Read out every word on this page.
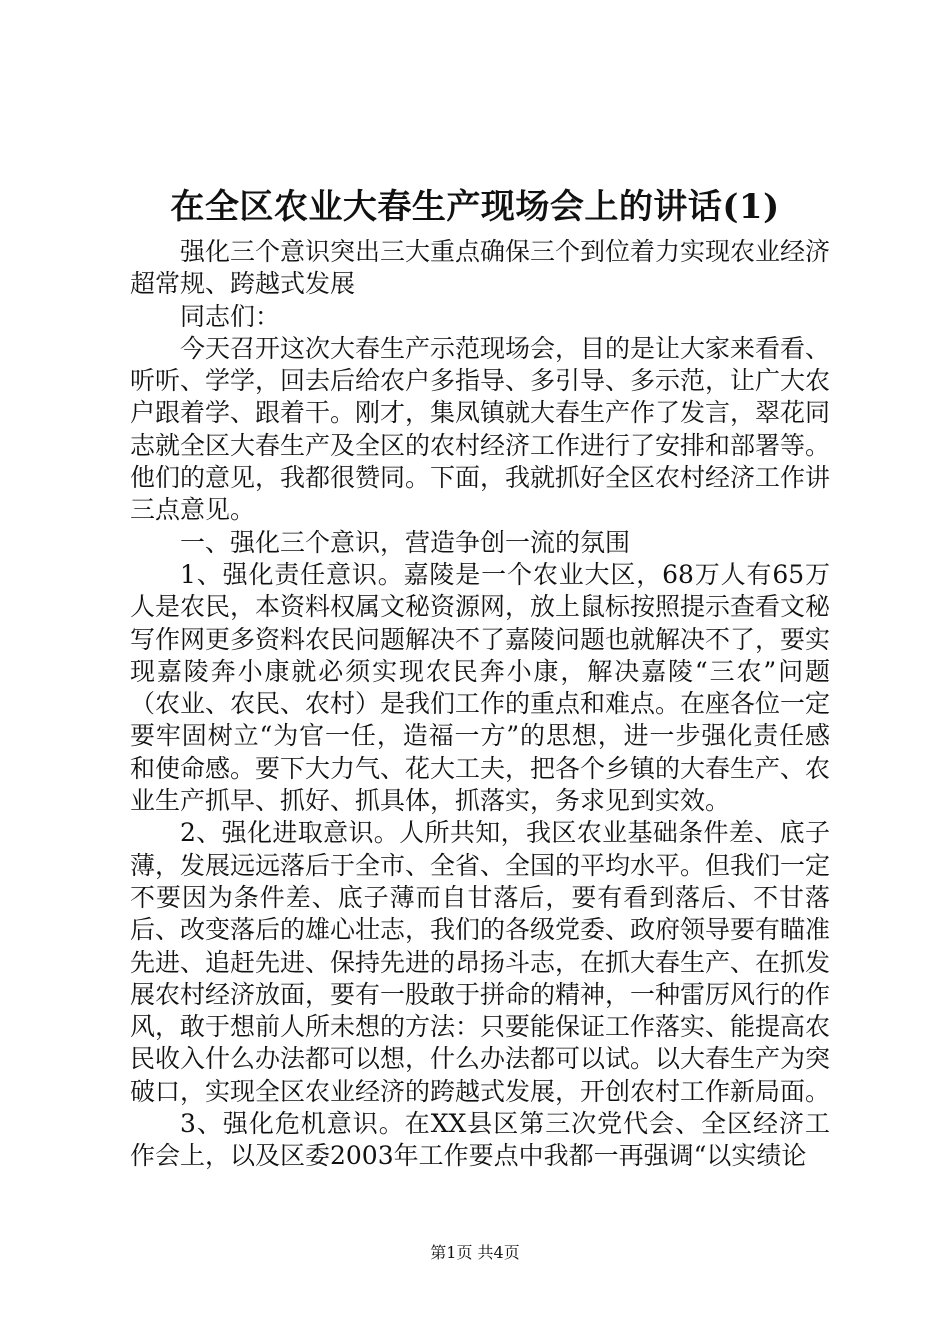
在全区农业大春生产现场会上的讲话(1)

强化三个意识突出三大重点确保三个到位着力实现农业经济超常规、跨越式发展

同志们：

今天召开这次大春生产示范现场会，目的是让大家来看看、听听、学学，回去后给农户多指导、多引导、多示范，让广大农户跟着学、跟着干。刚才，集凤镇就大春生产作了发言，翠花同志就全区大春生产及全区的农村经济工作进行了安排和部署等。他们的意见，我都很赞同。下面，我就抓好全区农村经济工作讲三点意见。

一、强化三个意识，营造争创一流的氛围

1、强化责任意识。嘉陵是一个农业大区，68万人有65万人是农民，本资料权属文秘资源网，放上鼠标按照提示查看文秘写作网更多资料农民问题解决不了嘉陵问题也就解决不了，要实现嘉陵奔小康就必须实现农民奔小康，解决嘉陵“三农”问题（农业、农民、农村）是我们工作的重点和难点。在座各位一定要牢固树立“为官一任，造福一方”的思想，进一步强化责任感和使命感。要下大力气、花大工夫，把各个乡镇的大春生产、农业生产抓早、抓好、抓具体，抓落实，务求见到实效。

2、强化进取意识。人所共知，我区农业基础条件差、底子薄，发展远远落后于全市、全省、全国的平均水平。但我们一定不要因为条件差、底子薄而自甘落后，要有看到落后、不甘落后、改变落后的雄心壮志，我们的各级党委、政府领导要有瞄准先进、追赶先进、保持先进的昂扬斗志，在抓大春生产、在抓发展农村经济放面，要有一股敢于拼命的精神，一种雷厉风行的作风，敢于想前人所未想的方法：只要能保证工作落实、能提高农民收入什么办法都可以想，什么办法都可以试。以大春生产为突破口，实现全区农业经济的跨越式发展，开创农村工作新局面。

3、强化危机意识。在XX县区第三次党代会、全区经济工作会上，以及区委2003年工作要点中我都一再强调“以实绩论

第1页 共4页
